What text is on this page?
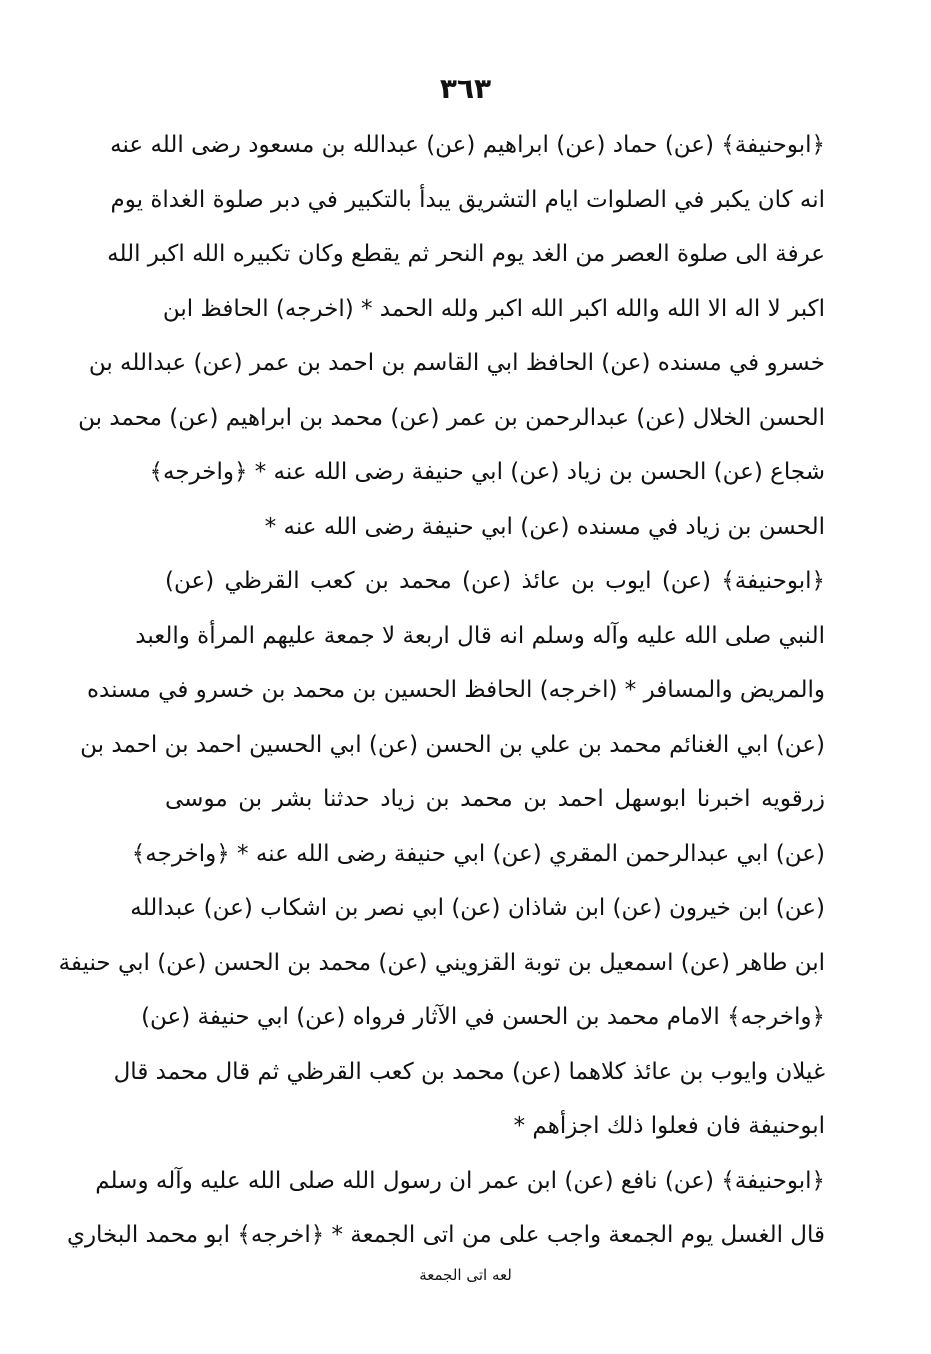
٣٦٣
﴿ابوحنيفة﴾ (عن) حماد (عن) ابراهيم (عن) عبدالله بن مسعود رضى الله عنه
انه كان يكبر في الصلوات ايام التشريق يبدأ بالتكبير في دبر صلوة الغداة يوم
عرفة الى صلوة العصر من الغد يوم النحر ثم يقطع وكان تكبيره الله اكبر الله
اكبر لا اله الا الله والله اكبر الله اكبر ولله الحمد * (اخرجه) الحافظ ابن
خسرو في مسنده (عن) الحافظ ابي القاسم بن احمد بن عمر (عن) عبدالله بن
الحسن الخلال (عن) عبدالرحمن بن عمر (عن) محمد بن ابراهيم (عن) محمد بن
شجاع (عن) الحسن بن زياد (عن) ابي حنيفة رضى الله عنه * ﴿واخرجه﴾
الحسن بن زياد في مسنده (عن) ابي حنيفة رضى الله عنه *
﴿ابوحنيفة﴾ (عن) ايوب بن عائذ (عن) محمد بن كعب القرظي (عن)
النبي صلى الله عليه وآله وسلم انه قال اربعة لا جمعة عليهم المرأة والعبد
والمريض والمسافر * (اخرجه) الحافظ الحسين بن محمد بن خسرو في مسنده
(عن) ابي الغنائم محمد بن علي بن الحسن (عن) ابي الحسين احمد بن احمد بن
زرقويه اخبرنا ابوسهل احمد بن محمد بن زياد حدثنا بشر بن موسى
(عن) ابي عبدالرحمن المقري (عن) ابي حنيفة رضى الله عنه * ﴿واخرجه﴾
(عن) ابن خيرون (عن) ابن شاذان (عن) ابي نصر بن اشكاب (عن) عبدالله
ابن طاهر (عن) اسمعيل بن توبة القزويني (عن) محمد بن الحسن (عن) ابي حنيفة
﴿واخرجه﴾ الامام محمد بن الحسن في الآثار فرواه (عن) ابي حنيفة (عن)
غيلان وايوب بن عائذ كلاهما (عن) محمد بن كعب القرظي ثم قال محمد قال
ابوحنيفة فان فعلوا ذلك اجزأهم *
﴿ابوحنيفة﴾ (عن) نافع (عن) ابن عمر ان رسول الله صلى الله عليه وآله وسلم
قال الغسل يوم الجمعة واجب على من اتى الجمعة * ﴿اخرجه﴾ ابو محمد البخاري
لعه اتى الجمعة
